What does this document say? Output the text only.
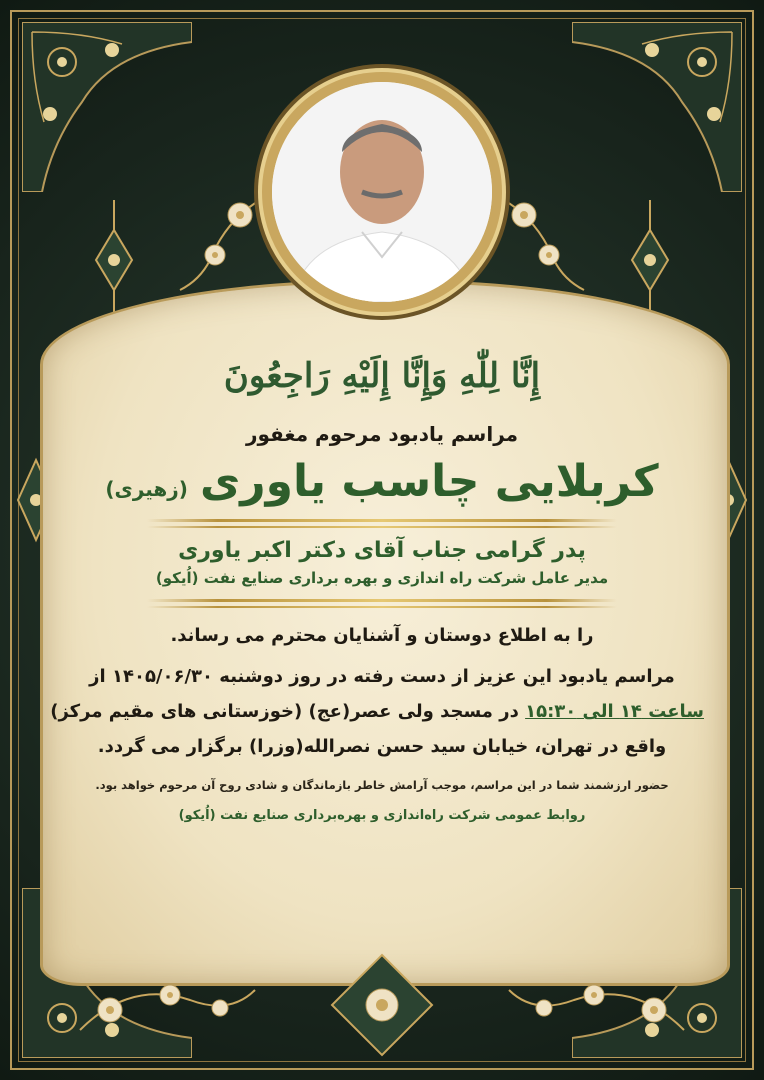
إِنَّا لِلّٰهِ وَإِنَّا إِلَيْهِ رَاجِعُونَ
مراسم یادبود مرحوم مغفور
کربلایی چاسب یاوری
(زهیری)
پدر گرامی جناب آقای دکتر اکبر یاوری
مدیر عامل شرکت راه اندازی و بهره برداری صنایع نفت (اُیکو)
را به اطلاع دوستان و آشنایان محترم می رساند.
مراسم یادبود این عزیز از دست رفته در روز دوشنبه ۱۴۰۵/۰۶/۳۰ از
ساعت ۱۴ الی ۱۵:۳۰ در مسجد ولی عصر(عج) (خوزستانی های مقیم مرکز)
واقع در تهران، خیابان سید حسن نصرالله(وزرا) برگزار می گردد.
حضور ارزشمند شما در این مراسم، موجب آرامش خاطر بازماندگان و شادی روح آن مرحوم خواهد بود.
روابط عمومی شرکت راه‌اندازی و بهره‌برداری صنایع نفت (اُیکو)
